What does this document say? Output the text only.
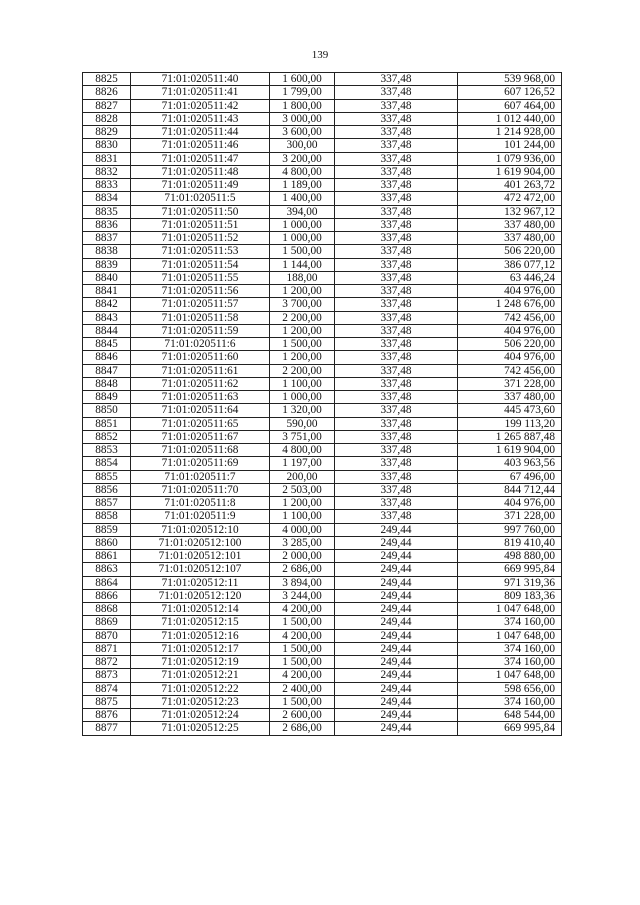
139
8825	71:01:020511:40	1 600,00	337,48	539 968,00
8826	71:01:020511:41	1 799,00	337,48	607 126,52
8827	71:01:020511:42	1 800,00	337,48	607 464,00
8828	71:01:020511:43	3 000,00	337,48	1 012 440,00
8829	71:01:020511:44	3 600,00	337,48	1 214 928,00
8830	71:01:020511:46	300,00	337,48	101 244,00
8831	71:01:020511:47	3 200,00	337,48	1 079 936,00
8832	71:01:020511:48	4 800,00	337,48	1 619 904,00
8833	71:01:020511:49	1 189,00	337,48	401 263,72
8834	71:01:020511:5	1 400,00	337,48	472 472,00
8835	71:01:020511:50	394,00	337,48	132 967,12
8836	71:01:020511:51	1 000,00	337,48	337 480,00
8837	71:01:020511:52	1 000,00	337,48	337 480,00
8838	71:01:020511:53	1 500,00	337,48	506 220,00
8839	71:01:020511:54	1 144,00	337,48	386 077,12
8840	71:01:020511:55	188,00	337,48	63 446,24
8841	71:01:020511:56	1 200,00	337,48	404 976,00
8842	71:01:020511:57	3 700,00	337,48	1 248 676,00
8843	71:01:020511:58	2 200,00	337,48	742 456,00
8844	71:01:020511:59	1 200,00	337,48	404 976,00
8845	71:01:020511:6	1 500,00	337,48	506 220,00
8846	71:01:020511:60	1 200,00	337,48	404 976,00
8847	71:01:020511:61	2 200,00	337,48	742 456,00
8848	71:01:020511:62	1 100,00	337,48	371 228,00
8849	71:01:020511:63	1 000,00	337,48	337 480,00
8850	71:01:020511:64	1 320,00	337,48	445 473,60
8851	71:01:020511:65	590,00	337,48	199 113,20
8852	71:01:020511:67	3 751,00	337,48	1 265 887,48
8853	71:01:020511:68	4 800,00	337,48	1 619 904,00
8854	71:01:020511:69	1 197,00	337,48	403 963,56
8855	71:01:020511:7	200,00	337,48	67 496,00
8856	71:01:020511:70	2 503,00	337,48	844 712,44
8857	71:01:020511:8	1 200,00	337,48	404 976,00
8858	71:01:020511:9	1 100,00	337,48	371 228,00
8859	71:01:020512:10	4 000,00	249,44	997 760,00
8860	71:01:020512:100	3 285,00	249,44	819 410,40
8861	71:01:020512:101	2 000,00	249,44	498 880,00
8863	71:01:020512:107	2 686,00	249,44	669 995,84
8864	71:01:020512:11	3 894,00	249,44	971 319,36
8866	71:01:020512:120	3 244,00	249,44	809 183,36
8868	71:01:020512:14	4 200,00	249,44	1 047 648,00
8869	71:01:020512:15	1 500,00	249,44	374 160,00
8870	71:01:020512:16	4 200,00	249,44	1 047 648,00
8871	71:01:020512:17	1 500,00	249,44	374 160,00
8872	71:01:020512:19	1 500,00	249,44	374 160,00
8873	71:01:020512:21	4 200,00	249,44	1 047 648,00
8874	71:01:020512:22	2 400,00	249,44	598 656,00
8875	71:01:020512:23	1 500,00	249,44	374 160,00
8876	71:01:020512:24	2 600,00	249,44	648 544,00
8877	71:01:020512:25	2 686,00	249,44	669 995,84
